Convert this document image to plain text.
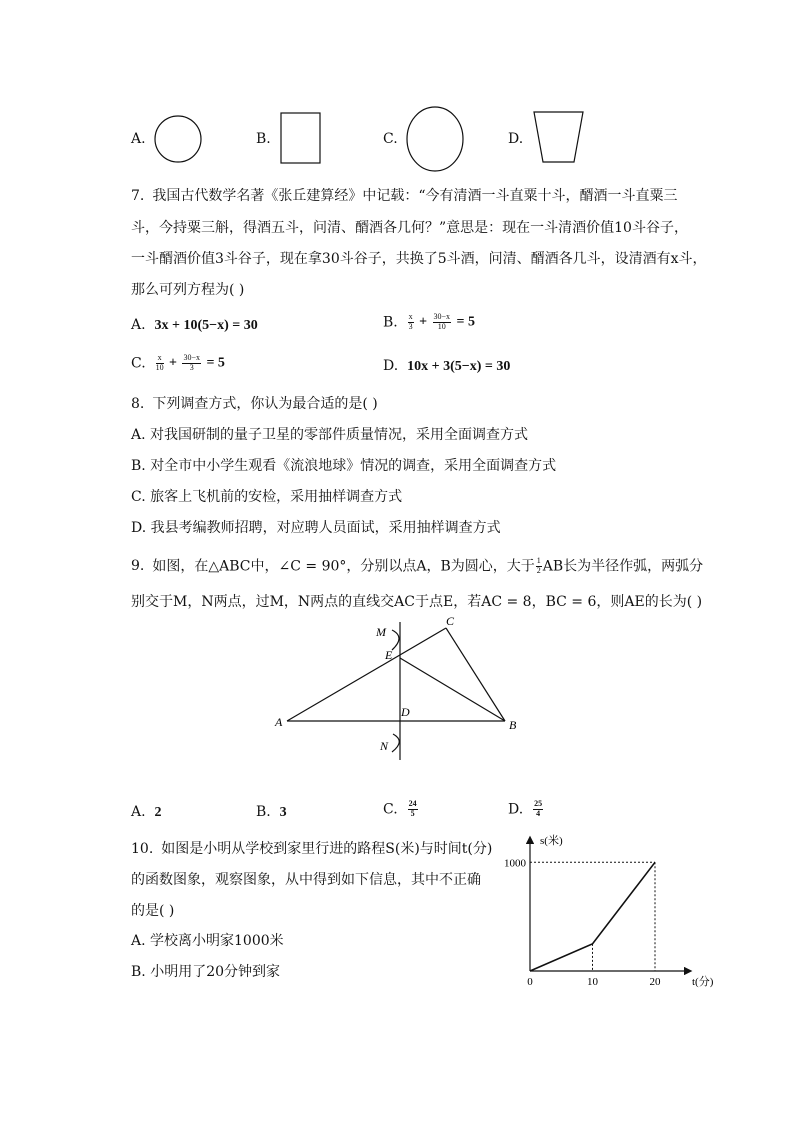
A.	B.	C.	D.
7. 我国古代数学名著《张丘建算经》中记载：“今有清酒一斗直粟十斗，醑酒一斗直粟三
斗，今持粟三斛，得酒五斗，问清、醑酒各几何？”意思是：现在一斗清酒价值10斗谷子，
一斗醑酒价值3斗谷子，现在拿30斗谷子，共换了5斗酒，问清、醑酒各几斗，设清酒有x斗，
那么可列方程为( )
A. 3x + 10(5−x) = 30	B. $\frac{x}{3} + \frac{30-x}{10} = 5$
C. $\frac{x}{10} + \frac{30-x}{3} = 5$	D. 10x + 3(5−x) = 30
8. 下列调查方式，你认为最合适的是( )
A. 对我国研制的量子卫星的零部件质量情况，采用全面调查方式
B. 对全市中小学生观看《流浪地球》情况的调查，采用全面调查方式
C. 旅客上飞机前的安检，采用抽样调查方式
D. 我县考编教师招聘，对应聘人员面试，采用抽样调查方式
9. 如图，在△ABC中，∠C = 90°，分别以点A，B为圆心，大于 $\frac{1}{2}$ AB长为半径作弧，两弧分
别交于M，N两点，过M，N两点的直线交AC于点E，若AC = 8，BC = 6，则AE的长为( )
A	B
C
D
E
M
N
A. 2	B. 3	C. $\frac{24}{5}$	D. $\frac{25}{4}$
10. 如图是小明从学校到家里行进的路程S(米)与时间t(分)
的函数图象，观察图象，从中得到如下信息，其中不正确
的是( )
A. 学校离小明家1000米
B. 小明用了20分钟到家
0	10	20
1000
s(米)
t(分)
